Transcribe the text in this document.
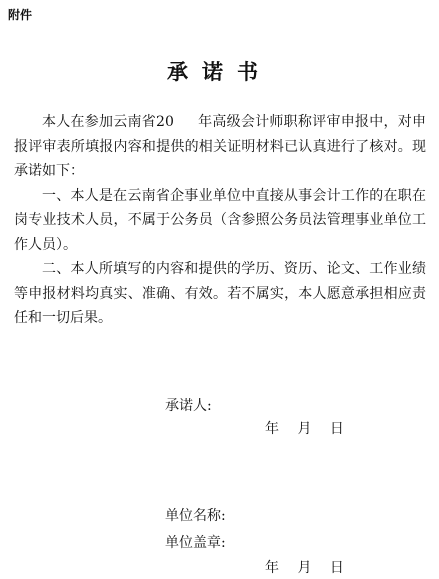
附件
承诺书

本人在参加云南省20 年高级会计师职称评审申报中，对申报评审表所填报内容和提供的相关证明材料已认真进行了核对。现承诺如下：

一、本人是在云南省企事业单位中直接从事会计工作的在职在岗专业技术人员，不属于公务员（含参照公务员法管理事业单位工作人员）。

二、本人所填写的内容和提供的学历、资历、论文、工作业绩等申报材料均真实、准确、有效。若不属实，本人愿意承担相应责任和一切后果。

承诺人:
年 月 日
单位名称:
单位盖章:
年 月 日
